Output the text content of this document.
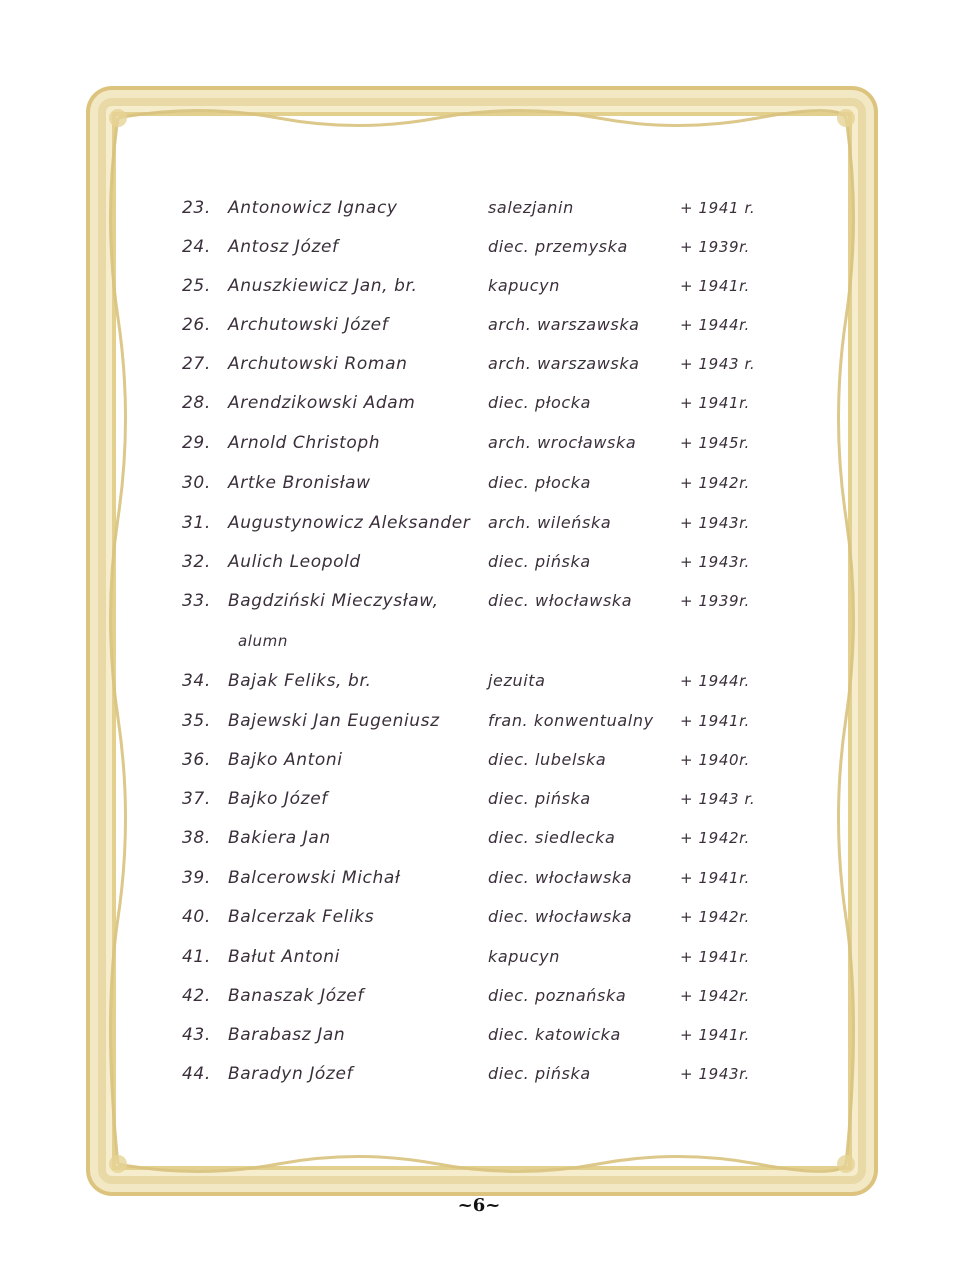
23.	Antonowicz Ignacy	salezjanin	+ 1941 r.
24.	Antosz Józef	diec. przemyska	+ 1939r.
25.	Anuszkiewicz Jan, br.	kapucyn	+ 1941r.
26.	Archutowski Józef	arch. warszawska	+ 1944r.
27.	Archutowski Roman	arch. warszawska	+ 1943 r.
28.	Arendzikowski Adam	diec. płocka	+ 1941r.
29.	Arnold Christoph	arch. wrocławska	+ 1945r.
30.	Artke Bronisław	diec. płocka	+ 1942r.
31.	Augustynowicz Aleksander	arch. wileńska	+ 1943r.
32.	Aulich Leopold	diec. pińska	+ 1943r.
33.	Bagdziński Mieczysław,	diec. włocławska	+ 1939r.
alumn
34.	Bajak Feliks, br.	jezuita	+ 1944r.
35.	Bajewski Jan Eugeniusz	fran. konwentualny	+ 1941r.
36.	Bajko Antoni	diec. lubelska	+ 1940r.
37.	Bajko Józef	diec. pińska	+ 1943 r.
38.	Bakiera Jan	diec. siedlecka	+ 1942r.
39.	Balcerowski Michał	diec. włocławska	+ 1941r.
40.	Balcerzak Feliks	diec. włocławska	+ 1942r.
41.	Bałut Antoni	kapucyn	+ 1941r.
42.	Banaszak Józef	diec. poznańska	+ 1942r.
43.	Barabasz Jan	diec. katowicka	+ 1941r.
44.	Baradyn Józef	diec. pińska	+ 1943r.
~6~
